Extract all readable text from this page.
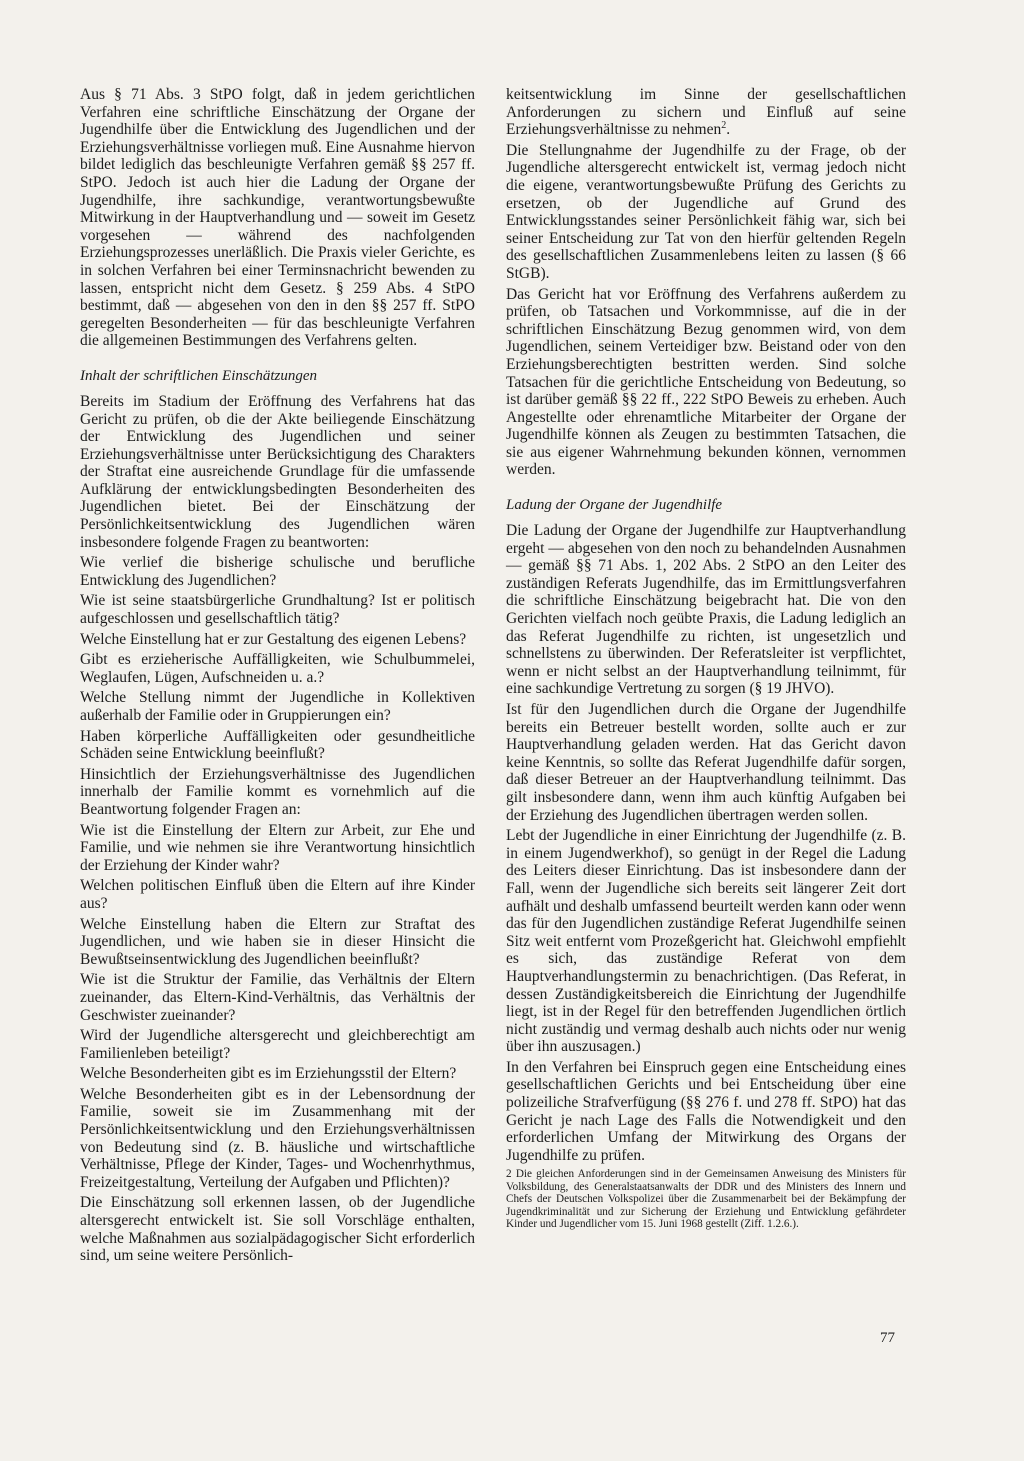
Aus § 71 Abs. 3 StPO folgt, daß in jedem gerichtlichen Verfahren eine schriftliche Einschätzung der Organe der Jugendhilfe über die Entwicklung des Jugendlichen und der Erziehungsverhältnisse vorliegen muß. Eine Ausnahme hiervon bildet lediglich das beschleunigte Verfahren gemäß §§ 257 ff. StPO. Jedoch ist auch hier die Ladung der Organe der Jugendhilfe, ihre sachkundige, verantwortungsbewußte Mitwirkung in der Hauptverhandlung und — soweit im Gesetz vorgesehen — während des nachfolgenden Erziehungsprozesses unerläßlich. Die Praxis vieler Gerichte, es in solchen Verfahren bei einer Terminsnachricht bewenden zu lassen, entspricht nicht dem Gesetz. § 259 Abs. 4 StPO bestimmt, daß — abgesehen von den in den §§ 257 ff. StPO geregelten Besonderheiten — für das beschleunigte Verfahren die allgemeinen Bestimmungen des Verfahrens gelten.

Inhalt der schriftlichen Einschätzungen

Bereits im Stadium der Eröffnung des Verfahrens hat das Gericht zu prüfen, ob die der Akte beiliegende Einschätzung der Entwicklung des Jugendlichen und seiner Erziehungsverhältnisse unter Berücksichtigung des Charakters der Straftat eine ausreichende Grundlage für die umfassende Aufklärung der entwicklungsbedingten Besonderheiten des Jugendlichen bietet. Bei der Einschätzung der Persönlichkeitsentwicklung des Jugendlichen wären insbesondere folgende Fragen zu beantworten:

Wie verlief die bisherige schulische und berufliche Entwicklung des Jugendlichen?

Wie ist seine staatsbürgerliche Grundhaltung? Ist er politisch aufgeschlossen und gesellschaftlich tätig?

Welche Einstellung hat er zur Gestaltung des eigenen Lebens?

Gibt es erzieherische Auffälligkeiten, wie Schulbummelei, Weglaufen, Lügen, Aufschneiden u. a.?

Welche Stellung nimmt der Jugendliche in Kollektiven außerhalb der Familie oder in Gruppierungen ein?

Haben körperliche Auffälligkeiten oder gesundheitliche Schäden seine Entwicklung beeinflußt?

Hinsichtlich der Erziehungsverhältnisse des Jugendlichen innerhalb der Familie kommt es vornehmlich auf die Beantwortung folgender Fragen an:

Wie ist die Einstellung der Eltern zur Arbeit, zur Ehe und Familie, und wie nehmen sie ihre Verantwortung hinsichtlich der Erziehung der Kinder wahr?

Welchen politischen Einfluß üben die Eltern auf ihre Kinder aus?

Welche Einstellung haben die Eltern zur Straftat des Jugendlichen, und wie haben sie in dieser Hinsicht die Bewußtseinsentwicklung des Jugendlichen beeinflußt?

Wie ist die Struktur der Familie, das Verhältnis der Eltern zueinander, das Eltern-Kind-Verhältnis, das Verhältnis der Geschwister zueinander?

Wird der Jugendliche altersgerecht und gleichberechtigt am Familienleben beteiligt?

Welche Besonderheiten gibt es im Erziehungsstil der Eltern?

Welche Besonderheiten gibt es in der Lebensordnung der Familie, soweit sie im Zusammenhang mit der Persönlichkeitsentwicklung und den Erziehungsverhältnissen von Bedeutung sind (z. B. häusliche und wirtschaftliche Verhältnisse, Pflege der Kinder, Tages- und Wochenrhythmus, Freizeitgestaltung, Verteilung der Aufgaben und Pflichten)?

Die Einschätzung soll erkennen lassen, ob der Jugendliche altersgerecht entwickelt ist. Sie soll Vorschläge enthalten, welche Maßnahmen aus sozialpädagogischer Sicht erforderlich sind, um seine weitere Persönlich-

keitsentwicklung im Sinne der gesellschaftlichen Anforderungen zu sichern und Einfluß auf seine Erziehungsverhältnisse zu nehmen$^2$.

Die Stellungnahme der Jugendhilfe zu der Frage, ob der Jugendliche altersgerecht entwickelt ist, vermag jedoch nicht die eigene, verantwortungsbewußte Prüfung des Gerichts zu ersetzen, ob der Jugendliche auf Grund des Entwicklungsstandes seiner Persönlichkeit fähig war, sich bei seiner Entscheidung zur Tat von den hierfür geltenden Regeln des gesellschaftlichen Zusammenlebens leiten zu lassen (§ 66 StGB).

Das Gericht hat vor Eröffnung des Verfahrens außerdem zu prüfen, ob Tatsachen und Vorkommnisse, auf die in der schriftlichen Einschätzung Bezug genommen wird, von dem Jugendlichen, seinem Verteidiger bzw. Beistand oder von den Erziehungsberechtigten bestritten werden. Sind solche Tatsachen für die gerichtliche Entscheidung von Bedeutung, so ist darüber gemäß §§ 22 ff., 222 StPO Beweis zu erheben. Auch Angestellte oder ehrenamtliche Mitarbeiter der Organe der Jugendhilfe können als Zeugen zu bestimmten Tatsachen, die sie aus eigener Wahrnehmung bekunden können, vernommen werden.

Ladung der Organe der Jugendhilfe

Die Ladung der Organe der Jugendhilfe zur Hauptverhandlung ergeht — abgesehen von den noch zu behandelnden Ausnahmen — gemäß §§ 71 Abs. 1, 202 Abs. 2 StPO an den Leiter des zuständigen Referats Jugendhilfe, das im Ermittlungsverfahren die schriftliche Einschätzung beigebracht hat. Die von den Gerichten vielfach noch geübte Praxis, die Ladung lediglich an das Referat Jugendhilfe zu richten, ist ungesetzlich und schnellstens zu überwinden. Der Referatsleiter ist verpflichtet, wenn er nicht selbst an der Hauptverhandlung teilnimmt, für eine sachkundige Vertretung zu sorgen (§ 19 JHVO).

Ist für den Jugendlichen durch die Organe der Jugendhilfe bereits ein Betreuer bestellt worden, sollte auch er zur Hauptverhandlung geladen werden. Hat das Gericht davon keine Kenntnis, so sollte das Referat Jugendhilfe dafür sorgen, daß dieser Betreuer an der Hauptverhandlung teilnimmt. Das gilt insbesondere dann, wenn ihm auch künftig Aufgaben bei der Erziehung des Jugendlichen übertragen werden sollen.

Lebt der Jugendliche in einer Einrichtung der Jugendhilfe (z. B. in einem Jugendwerkhof), so genügt in der Regel die Ladung des Leiters dieser Einrichtung. Das ist insbesondere dann der Fall, wenn der Jugendliche sich bereits seit längerer Zeit dort aufhält und deshalb umfassend beurteilt werden kann oder wenn das für den Jugendlichen zuständige Referat Jugendhilfe seinen Sitz weit entfernt vom Prozeßgericht hat. Gleichwohl empfiehlt es sich, das zuständige Referat von dem Hauptverhandlungstermin zu benachrichtigen. (Das Referat, in dessen Zuständigkeitsbereich die Einrichtung der Jugendhilfe liegt, ist in der Regel für den betreffenden Jugendlichen örtlich nicht zuständig und vermag deshalb auch nichts oder nur wenig über ihn auszusagen.)

In den Verfahren bei Einspruch gegen eine Entscheidung eines gesellschaftlichen Gerichts und bei Entscheidung über eine polizeiliche Strafverfügung (§§ 276 f. und 278 ff. StPO) hat das Gericht je nach Lage des Falls die Notwendigkeit und den erforderlichen Umfang der Mitwirkung des Organs der Jugendhilfe zu prüfen.

2 Die gleichen Anforderungen sind in der Gemeinsamen Anweisung des Ministers für Volksbildung, des Generalstaatsanwalts der DDR und des Ministers des Innern und Chefs der Deutschen Volkspolizei über die Zusammenarbeit bei der Bekämpfung der Jugendkriminalität und zur Sicherung der Erziehung und Entwicklung gefährdeter Kinder und Jugendlicher vom 15. Juni 1968 gestellt (Ziff. 1.2.6.).

77
